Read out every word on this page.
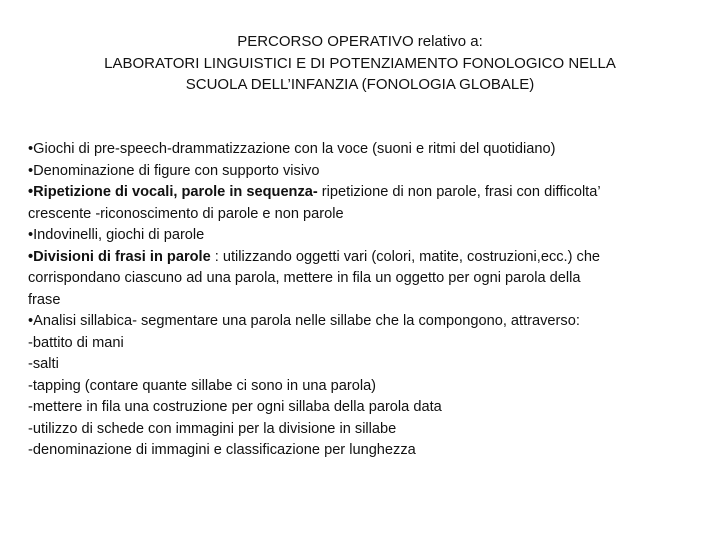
PERCORSO OPERATIVO relativo a:
LABORATORI LINGUISTICI E DI POTENZIAMENTO FONOLOGICO NELLA
SCUOLA DELL’INFANZIA (FONOLOGIA GLOBALE)
•Giochi di pre-speech-drammatizzazione con la voce (suoni e ritmi del quotidiano)
•Denominazione di figure con supporto visivo
•Ripetizione di vocali, parole in sequenza- ripetizione di non parole, frasi con difficolta’
crescente -riconoscimento di parole e non parole
•Indovinelli, giochi di parole
•Divisioni di frasi in parole : utilizzando oggetti vari (colori, matite, costruzioni,ecc.) che
corrispondano ciascuno ad una parola, mettere in fila un oggetto per ogni parola della
frase
•Analisi sillabica- segmentare una parola nelle sillabe che la compongono, attraverso:
-battito di mani
-salti
-tapping (contare quante sillabe ci sono in una parola)
-mettere in fila una costruzione per ogni sillaba della parola data
-utilizzo di schede con immagini per la divisione in sillabe
-denominazione di immagini e classificazione per lunghezza
